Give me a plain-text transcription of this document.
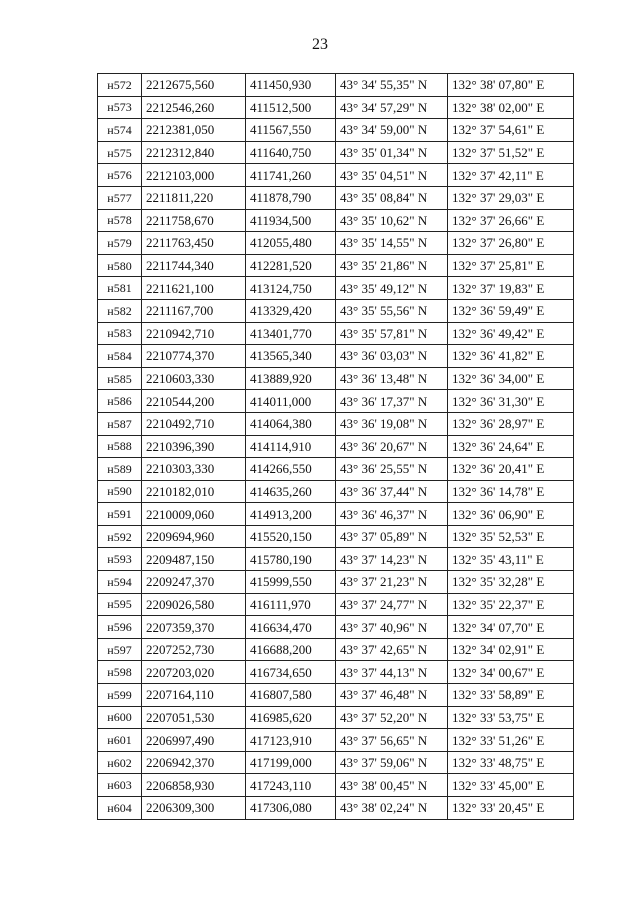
23
н572	2212675,560	411450,930	43° 34' 55,35" N	132° 38' 07,80" E
н573	2212546,260	411512,500	43° 34' 57,29" N	132° 38' 02,00" E
н574	2212381,050	411567,550	43° 34' 59,00" N	132° 37' 54,61" E
н575	2212312,840	411640,750	43° 35' 01,34" N	132° 37' 51,52" E
н576	2212103,000	411741,260	43° 35' 04,51" N	132° 37' 42,11" E
н577	2211811,220	411878,790	43° 35' 08,84" N	132° 37' 29,03" E
н578	2211758,670	411934,500	43° 35' 10,62" N	132° 37' 26,66" E
н579	2211763,450	412055,480	43° 35' 14,55" N	132° 37' 26,80" E
н580	2211744,340	412281,520	43° 35' 21,86" N	132° 37' 25,81" E
н581	2211621,100	413124,750	43° 35' 49,12" N	132° 37' 19,83" E
н582	2211167,700	413329,420	43° 35' 55,56" N	132° 36' 59,49" E
н583	2210942,710	413401,770	43° 35' 57,81" N	132° 36' 49,42" E
н584	2210774,370	413565,340	43° 36' 03,03" N	132° 36' 41,82" E
н585	2210603,330	413889,920	43° 36' 13,48" N	132° 36' 34,00" E
н586	2210544,200	414011,000	43° 36' 17,37" N	132° 36' 31,30" E
н587	2210492,710	414064,380	43° 36' 19,08" N	132° 36' 28,97" E
н588	2210396,390	414114,910	43° 36' 20,67" N	132° 36' 24,64" E
н589	2210303,330	414266,550	43° 36' 25,55" N	132° 36' 20,41" E
н590	2210182,010	414635,260	43° 36' 37,44" N	132° 36' 14,78" E
н591	2210009,060	414913,200	43° 36' 46,37" N	132° 36' 06,90" E
н592	2209694,960	415520,150	43° 37' 05,89" N	132° 35' 52,53" E
н593	2209487,150	415780,190	43° 37' 14,23" N	132° 35' 43,11" E
н594	2209247,370	415999,550	43° 37' 21,23" N	132° 35' 32,28" E
н595	2209026,580	416111,970	43° 37' 24,77" N	132° 35' 22,37" E
н596	2207359,370	416634,470	43° 37' 40,96" N	132° 34' 07,70" E
н597	2207252,730	416688,200	43° 37' 42,65" N	132° 34' 02,91" E
н598	2207203,020	416734,650	43° 37' 44,13" N	132° 34' 00,67" E
н599	2207164,110	416807,580	43° 37' 46,48" N	132° 33' 58,89" E
н600	2207051,530	416985,620	43° 37' 52,20" N	132° 33' 53,75" E
н601	2206997,490	417123,910	43° 37' 56,65" N	132° 33' 51,26" E
н602	2206942,370	417199,000	43° 37' 59,06" N	132° 33' 48,75" E
н603	2206858,930	417243,110	43° 38' 00,45" N	132° 33' 45,00" E
н604	2206309,300	417306,080	43° 38' 02,24" N	132° 33' 20,45" E
